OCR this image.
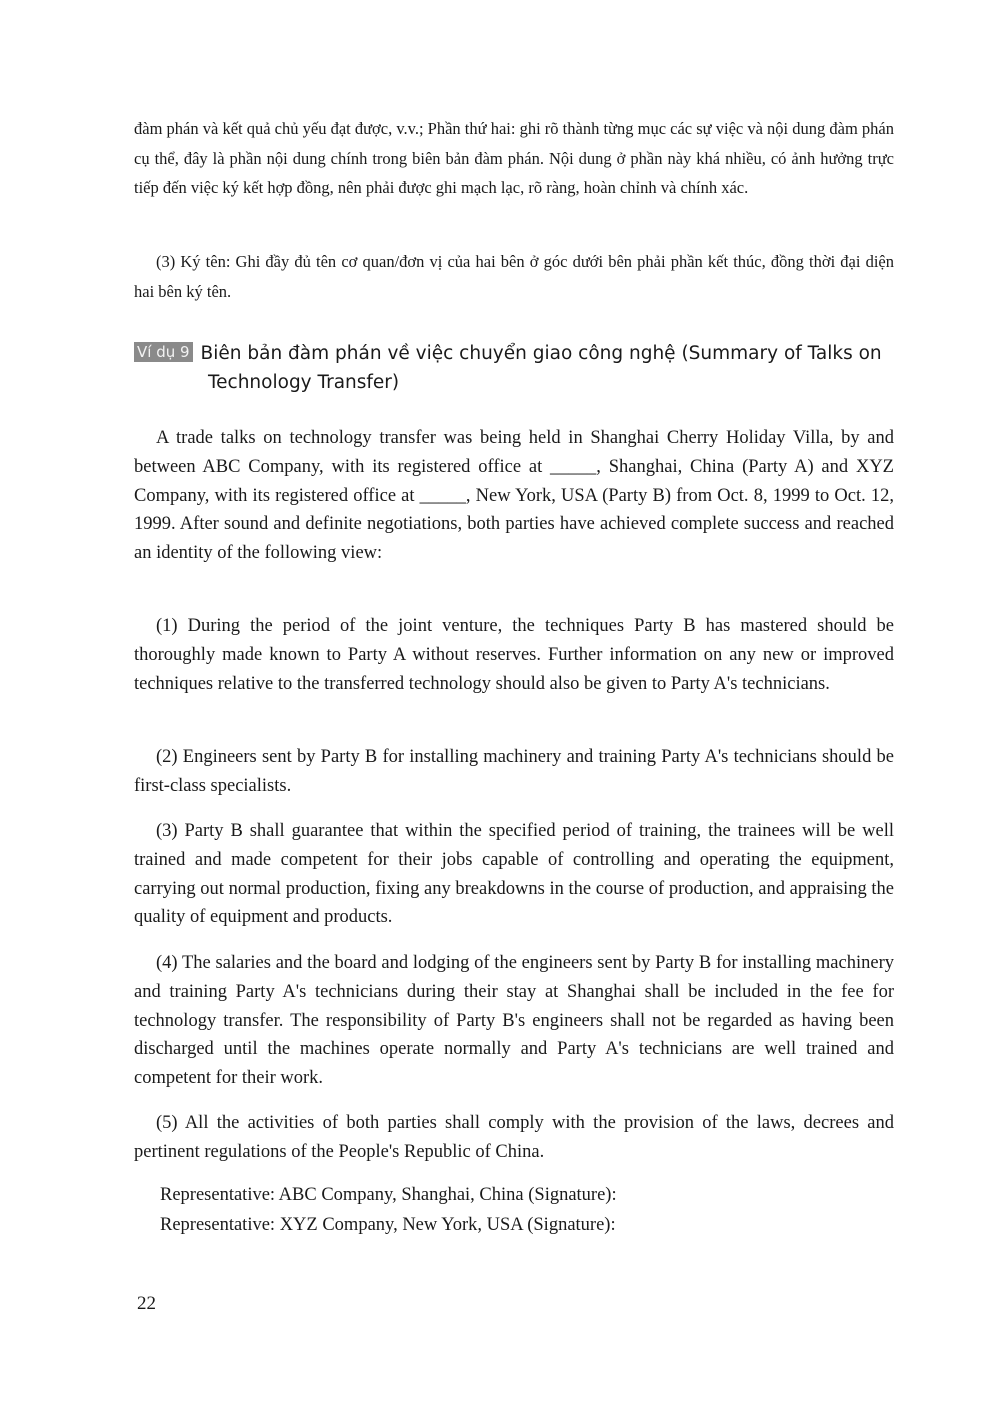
đàm phán và kết quả chủ yếu đạt được, v.v.; Phần thứ hai: ghi rõ thành từng mục các sự việc và nội dung đàm phán cụ thể, đây là phần nội dung chính trong biên bản đàm phán. Nội dung ở phần này khá nhiều, có ảnh hưởng trực tiếp đến việc ký kết hợp đồng, nên phải được ghi mạch lạc, rõ ràng, hoàn chỉnh và chính xác.

(3) Ký tên: Ghi đầy đủ tên cơ quan/đơn vị của hai bên ở góc dưới bên phải phần kết thúc, đồng thời đại diện hai bên ký tên.

Ví dụ 9 Biên bản đàm phán về việc chuyển giao công nghệ (Summary of Talks on
Technology Transfer)

A trade talks on technology transfer was being held in Shanghai Cherry Holiday Villa, by and between ABC Company, with its registered office at _____, Shanghai, China (Party A) and XYZ Company, with its registered office at _____, New York, USA (Party B) from Oct. 8, 1999 to Oct. 12, 1999. After sound and definite negotiations, both parties have achieved complete success and reached an identity of the following view:

(1) During the period of the joint venture, the techniques Party B has mastered should be thoroughly made known to Party A without reserves. Further information on any new or improved techniques relative to the transferred technology should also be given to Party A's technicians.

(2) Engineers sent by Party B for installing machinery and training Party A's technicians should be first-class specialists.

(3) Party B shall guarantee that within the specified period of training, the trainees will be well trained and made competent for their jobs capable of controlling and operating the equipment, carrying out normal production, fixing any breakdowns in the course of production, and appraising the quality of equipment and products.

(4) The salaries and the board and lodging of the engineers sent by Party B for installing machinery and training Party A's technicians during their stay at Shanghai shall be included in the fee for technology transfer. The responsibility of Party B's engineers shall not be regarded as having been discharged until the machines operate normally and Party A's technicians are well trained and competent for their work.

(5) All the activities of both parties shall comply with the provision of the laws, decrees and pertinent regulations of the People's Republic of China.

Representative: ABC Company, Shanghai, China (Signature):
Representative: XYZ Company, New York, USA (Signature):
22
